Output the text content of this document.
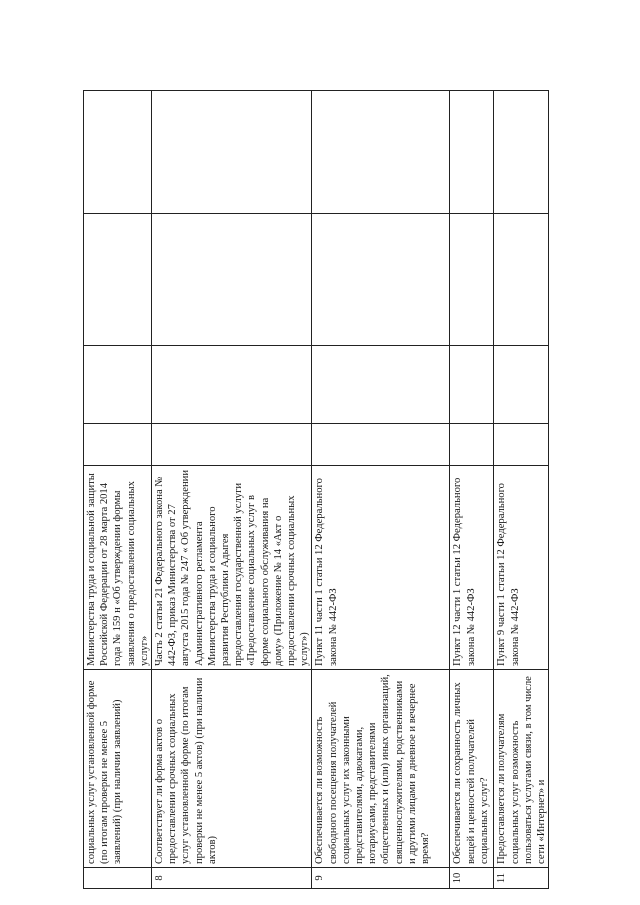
	социальных услуг установленной форме (по итогам проверки не менее 5 заявлений) (при наличии заявлений)	Министерства труда и социальной защиты Российской Федерации от 28 марта 2014 года № 159 н «Об утверждении формы заявления о предоставлении социальных услуг»				
8	Соответствует ли форма актов о предоставлении срочных социальных услуг установленной форме (по итогам проверки не менее 5 актов) (при наличии актов)	Часть 2 статьи 21 Федерального закона № 442-ФЗ, приказ Министерства от 27 августа 2015 года № 247 « Об утверждении Административного регламента Министерства труда и социального развития Республики Адыгея предоставления государственной услуги «Предоставление социальных услуг в форме социального обслуживания на дому» (Приложение № 14 «Акт о предоставлении срочных социальных услуг»)				
9	Обеспечивается ли возможность свободного посещения получателей социальных услуг их законными представителями, адвокатами, нотариусами, представителями общественных и (или) иных организаций, священнослужителями, родственниками и другими лицами в дневное и вечернее время?	Пункт 11 части 1 статьи 12 Федерального закона № 442-ФЗ				
10	Обеспечивается ли сохранность личных вещей и ценностей получателей социальных услуг?	Пункт 12 части 1 статьи 12 Федерального закона № 442-ФЗ				
11	Предоставляется ли получателям социальных услуг возможность пользоваться услугами связи, в том числе сети «Интернет» и	Пункт 9 части 1 статьи 12 Федерального закона № 442-ФЗ				
